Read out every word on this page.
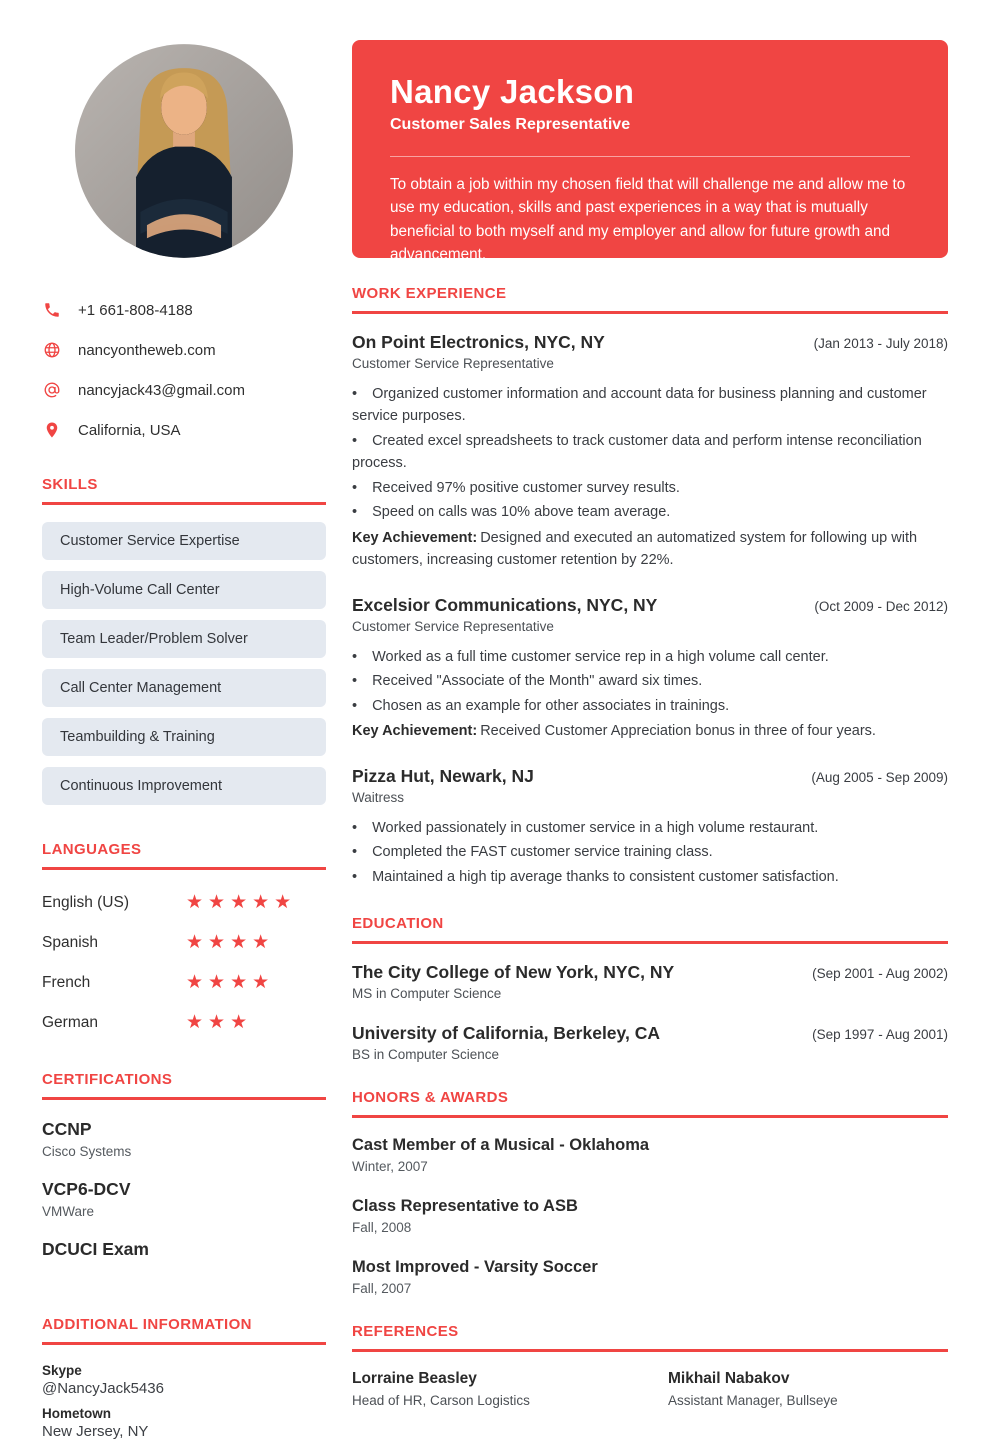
+1 661-808-4188
nancyontheweb.com
nancyjack43@gmail.com
California, USA
SKILLS
Customer Service Expertise
High-Volume Call Center
Team Leader/Problem Solver
Call Center Management
Teambuilding & Training
Continuous Improvement
LANGUAGES
English (US)	★★★★★
Spanish	★★★★
French	★★★★
German	★★★
CERTIFICATIONS
CCNP
Cisco Systems
VCP6-DCV
VMWare
DCUCI Exam
ADDITIONAL INFORMATION
Skype
@NancyJack5436
Hometown
New Jersey, NY
Nancy Jackson
Customer Sales Representative

To obtain a job within my chosen field that will challenge me and allow me to use my education, skills and past experiences in a way that is mutually beneficial to both myself and my employer and allow for future growth and advancement.

WORK EXPERIENCE
On Point Electronics, NYC, NY	(Jan 2013 - July 2018)
Customer Service Representative

• Organized customer information and account data for business planning and customer service purposes.

• Created excel spreadsheets to track customer data and perform intense reconciliation process.

• Received 97% positive customer survey results.

• Speed on calls was 10% above team average.

Key Achievement: Designed and executed an automatized system for following up with customers, increasing customer retention by 22%.

Excelsior Communications, NYC, NY	(Oct 2009 - Dec 2012)
Customer Service Representative

• Worked as a full time customer service rep in a high volume call center.

• Received "Associate of the Month" award six times.

• Chosen as an example for other associates in trainings.

Key Achievement: Received Customer Appreciation bonus in three of four years.

Pizza Hut, Newark, NJ	(Aug 2005 - Sep 2009)
Waitress

• Worked passionately in customer service in a high volume restaurant.

• Completed the FAST customer service training class.

• Maintained a high tip average thanks to consistent customer satisfaction.

EDUCATION
The City College of New York, NYC, NY	(Sep 2001 - Aug 2002)
MS in Computer Science
University of California, Berkeley, CA	(Sep 1997 - Aug 2001)
BS in Computer Science
HONORS & AWARDS
Cast Member of a Musical - Oklahoma
Winter, 2007
Class Representative to ASB
Fall, 2008
Most Improved - Varsity Soccer
Fall, 2007
REFERENCES
Lorraine Beasley
Head of HR, Carson Logistics
Mikhail Nabakov
Assistant Manager, Bullseye
